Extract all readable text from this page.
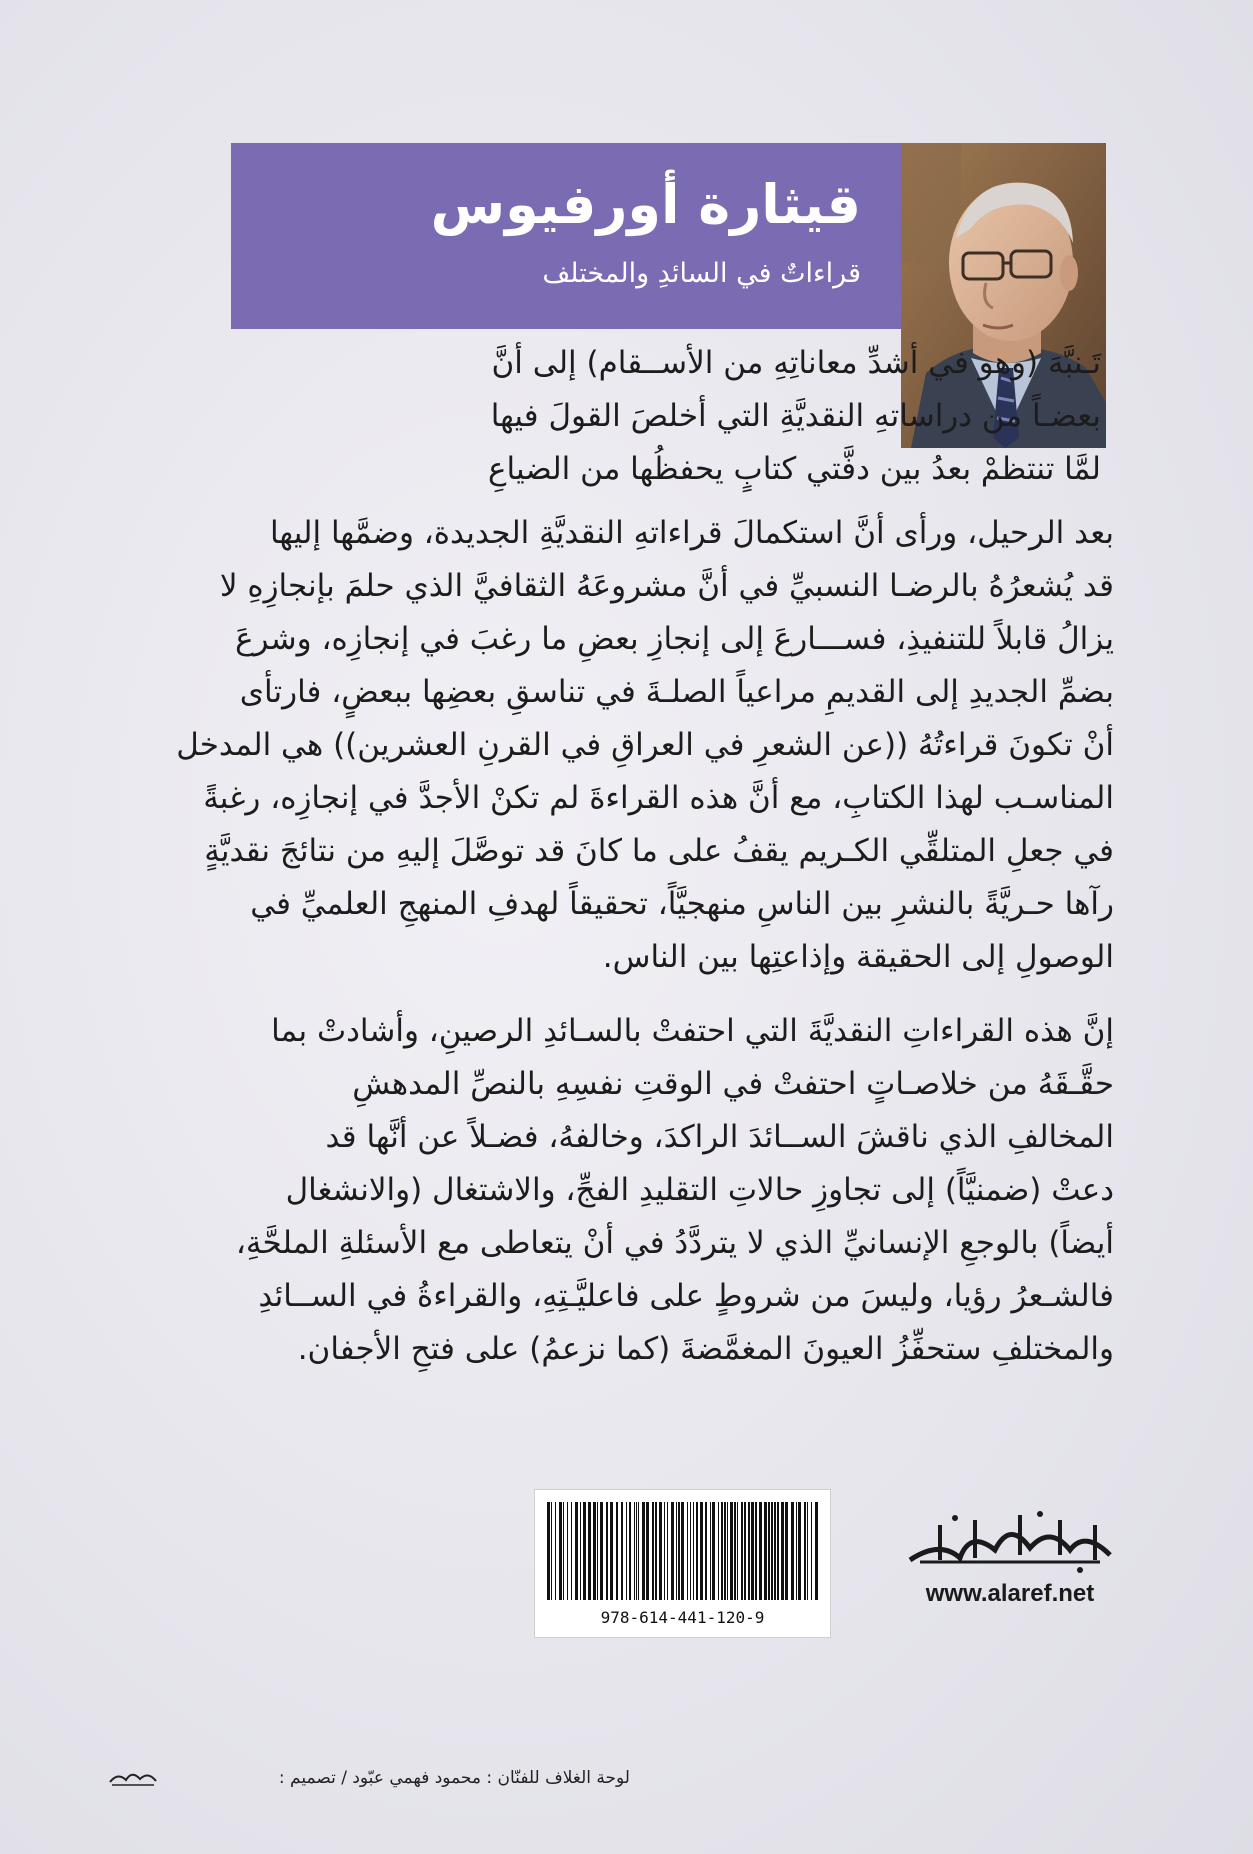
قيثارة أورفيوس
قراءاتٌ في السائدِ والمختلف
تَـنبَّهَ (وهو في أشدِّ معاناتِهِ من الأســقام) إلى أنَّ
بعضـاً من دراساتهِ النقديَّةِ التي أخلصَ القولَ فيها
لمَّا تنتظمْ بعدُ بين دفَّتي كتابٍ يحفظُها من الضياعِ
بعد الرحيل، ورأى أنَّ استكمالَ قراءاتهِ النقديَّةِ الجديدة، وضمَّها إليها
قد يُشعرُهُ بالرضـا النسبيِّ في أنَّ مشروعَهُ الثقافيَّ الذي حلمَ بإنجازِهِ لا
يزالُ قابلاً للتنفيذِ، فســـارعَ إلى إنجازِ بعضِ ما رغبَ في إنجازِه، وشرعَ
بضمِّ الجديدِ إلى القديمِ مراعياً الصلـةَ في تناسقِ بعضِها ببعضٍ، فارتأى
أنْ تكونَ قراءتُهُ ((عن الشعرِ في العراقِ في القرنِ العشرين)) هي المدخل
المناسـب لهذا الكتابِ، مع أنَّ هذه القراءةَ لم تكنْ الأجدَّ في إنجازِه، رغبةً
في جعلِ المتلقِّي الكـريم يقفُ على ما كانَ قد توصَّلَ إليهِ من نتائجَ نقديَّةٍ
رآها حـريَّةً بالنشرِ بين الناسِ منهجيَّاً، تحقيقاً لهدفِ المنهجِ العلميِّ في
الوصولِ إلى الحقيقة وإذاعتِها بين الناس.
إنَّ هذه القراءاتِ النقديَّةَ التي احتفتْ بالسـائدِ الرصينِ، وأشادتْ بما
حقَّـقَهُ من خلاصـاتٍ احتفتْ في الوقتِ نفسِهِ بالنصِّ المدهشِ
المخالفِ الذي ناقشَ الســائدَ الراكدَ، وخالفهُ، فضـلاً عن أنَّها قد
دعتْ (ضمنيَّاً) إلى تجاوزِ حالاتِ التقليدِ الفجِّ، والاشتغال (والانشغال
أيضاً) بالوجعِ الإنسانيِّ الذي لا يتردَّدُ في أنْ يتعاطى مع الأسئلةِ الملحَّةِ،
فالشـعرُ رؤيا، وليسَ من شروطٍ على فاعليَّـتِهِ، والقراءةُ في الســائدِ
والمختلفِ ستحفِّزُ العيونَ المغمَّضةَ (كما نزعمُ) على فتحِ الأجفان.
978-614-441-120-9
www.alaref.net
لوحة الغلاف للفنّان : محمود فهمي عبّود / تصميم :
